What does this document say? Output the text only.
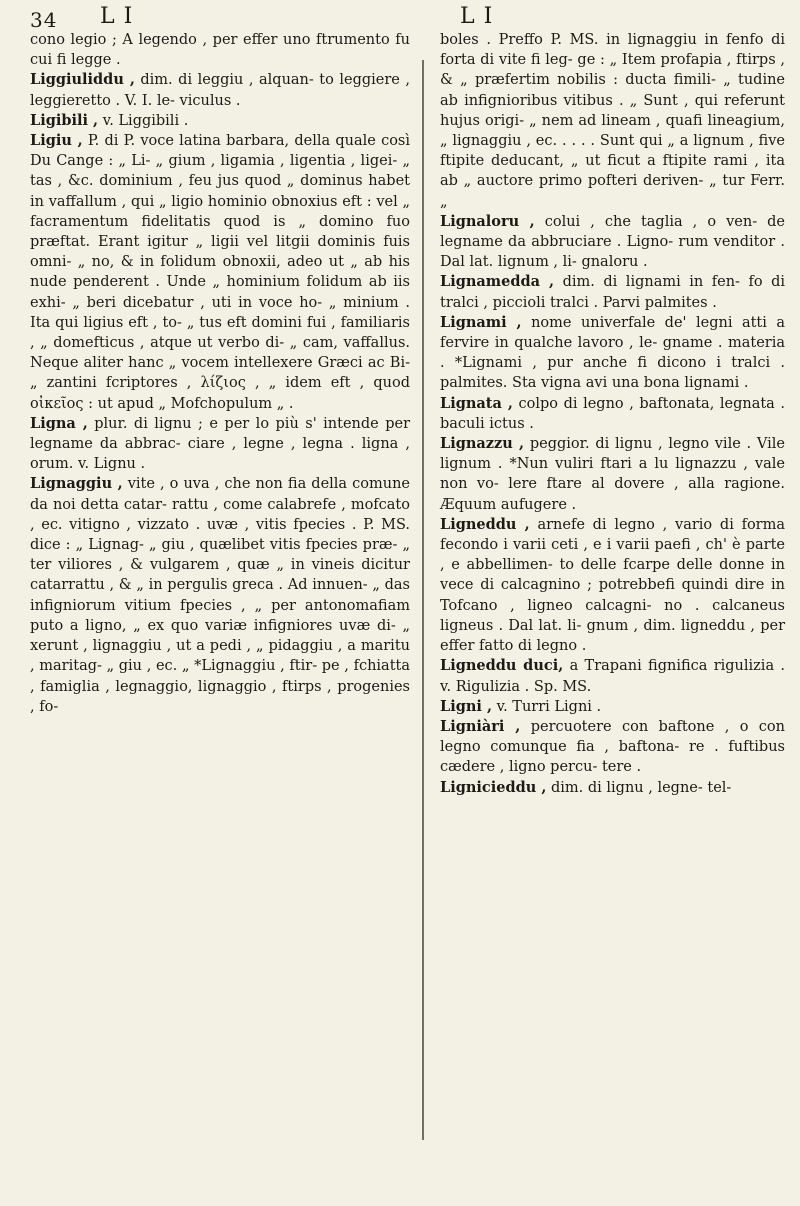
34 L I	L I

cono legio ; A legendo , per effer uno ftrumento fu cui fi legge .

Liggiuliddu , dim. di leggiu , alquan- to leggiere , leggieretto . V. I. le- viculus .

Ligibili , v. Liggibili .

Ligiu , P. di P. voce latina barbara, della quale così Du Cange : „ Li- „ gium , ligamia , ligentia , ligei- „ tas , &c. dominium , feu jus quod „ dominus habet in vaffallum , qui „ ligio hominio obnoxius eft : vel „ facramentum fidelitatis quod is „ domino fuo præftat. Erant igitur „ ligii vel litgii dominis fuis omni- „ no, & in folidum obnoxii, adeo ut „ ab his nude penderent . Unde „ hominium folidum ab iis exhi- „ beri dicebatur , uti in voce ho- „ minium . Ita qui ligius eft , to- „ tus eft domini fui , familiaris , „ domefticus , atque ut verbo di- „ cam, vaffallus. Neque aliter hanc „ vocem intellexere Græci ac Bi- „ zantini fcriptores , λίζιος , „ idem eft , quod οἰκεῖος : ut apud „ Mofchopulum „ .

Ligna , plur. di lignu ; e per lo più s' intende per legname da abbrac- ciare , legne , legna . ligna , orum. v. Lignu .

Lignaggiu , vite , o uva , che non fia della comune da noi detta catar- rattu , come calabrefe , mofcato , ec. vitigno , vizzato . uvæ , vitis fpecies . P. MS. dice : „ Lignag- „ giu , quælibet vitis fpecies præ- „ ter viliores , & vulgarem , quæ „ in vineis dicitur catarrattu , & „ in pergulis greca . Ad innuen- „ das infigniorum vitium fpecies , „ per antonomafiam puto a ligno, „ ex quo variæ infigniores uvæ di- „ xerunt , lignaggiu , ut a pedi , „ pidaggiu , a maritu , maritag- „ giu , ec. „ *Lignaggiu , ftir- pe , fchiatta , famiglia , legnaggio, lignaggio , ftirps , progenies , fo-

boles . Preffo P. MS. in lignaggiu in fenfo di forta di vite fi leg- ge : „ Item profapia , ftirps , & „ præfertim nobilis : ducta fimili- „ tudine ab infignioribus vitibus . „ Sunt , qui referunt hujus origi- „ nem ad lineam , quafi lineagium, „ lignaggiu , ec. . . . . Sunt qui „ a lignum , five ftipite deducant, „ ut ficut a ftipite rami , ita ab „ auctore primo pofteri deriven- „ tur Ferr. „

Lignaloru , colui , che taglia , o ven- de legname da abbruciare . Ligno- rum venditor . Dal lat. lignum , li- gnaloru .

Lignamedda , dim. di lignami in fen- fo di tralci , piccioli tralci . Parvi palmites .

Lignami , nome univerfale de' legni atti a fervire in qualche lavoro , le- gname . materia . *Lignami , pur anche fi dicono i tralci . palmites. Sta vigna avi una bona lignami .

Lignata , colpo di legno , baftonata, legnata . baculi ictus .

Lignazzu , peggior. di lignu , legno vile . Vile lignum . *Nun vuliri ftari a lu lignazzu , vale non vo- lere ftare al dovere , alla ragione. Æquum aufugere .

Ligneddu , arnefe di legno , vario di forma fecondo i varii ceti , e i varii paefi , ch' è parte , e abbellimen- to delle fcarpe delle donne in vece di calcagnino ; potrebbefi quindi dire in Tofcano , ligneo calcagni- no . calcaneus ligneus . Dal lat. li- gnum , dim. ligneddu , per effer fatto di legno .

Ligneddu duci, a Trapani fignifica rigulizia . v. Rigulizia . Sp. MS.

Ligni , v. Turri Ligni .

Ligniàri , percuotere con baftone , o con legno comunque fia , baftona- re . fuftibus cædere , ligno percu- tere .

Lignicieddu , dim. di lignu , legne- tel-
